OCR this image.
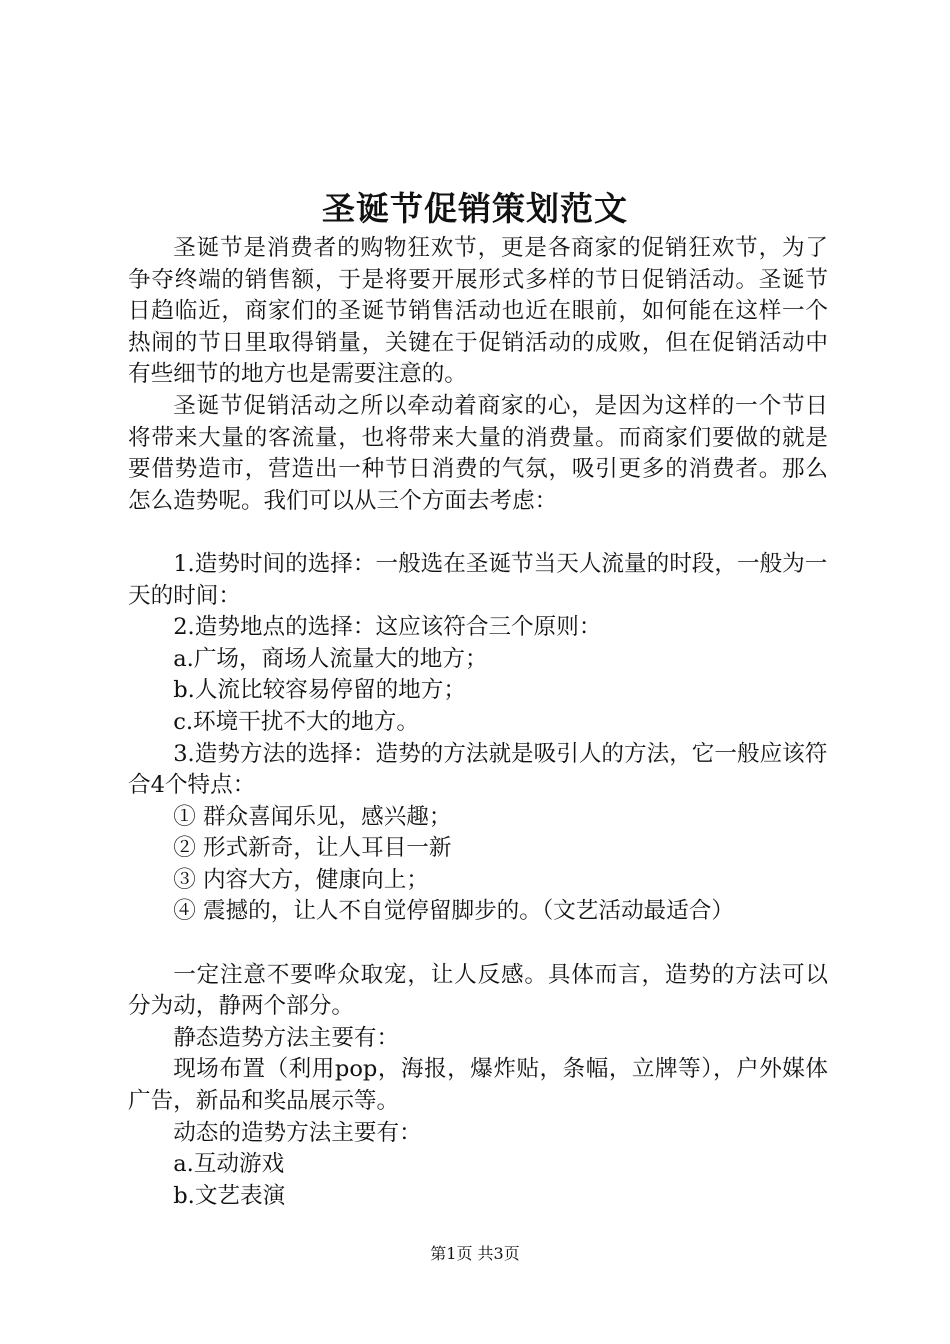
圣诞节促销策划范文

圣诞节是消费者的购物狂欢节，更是各商家的促销狂欢节，为了争夺终端的销售额，于是将要开展形式多样的节日促销活动。圣诞节日趋临近，商家们的圣诞节销售活动也近在眼前，如何能在这样一个热闹的节日里取得销量，关键在于促销活动的成败，但在促销活动中有些细节的地方也是需要注意的。

圣诞节促销活动之所以牵动着商家的心，是因为这样的一个节日将带来大量的客流量，也将带来大量的消费量。而商家们要做的就是要借势造市，营造出一种节日消费的气氛，吸引更多的消费者。那么怎么造势呢。我们可以从三个方面去考虑：

1.造势时间的选择：一般选在圣诞节当天人流量的时段，一般为一天的时间：

2.造势地点的选择：这应该符合三个原则：

a.广场，商场人流量大的地方；

b.人流比较容易停留的地方；

c.环境干扰不大的地方。

3.造势方法的选择：造势的方法就是吸引人的方法，它一般应该符合4个特点：

① 群众喜闻乐见，感兴趣；

② 形式新奇，让人耳目一新

③ 内容大方，健康向上；

④ 震撼的，让人不自觉停留脚步的。（文艺活动最适合）

一定注意不要哗众取宠，让人反感。具体而言，造势的方法可以分为动，静两个部分。

静态造势方法主要有：

现场布置（利用pop，海报，爆炸贴，条幅，立牌等），户外媒体广告，新品和奖品展示等。

动态的造势方法主要有：

a.互动游戏

b.文艺表演

第1页 共3页
